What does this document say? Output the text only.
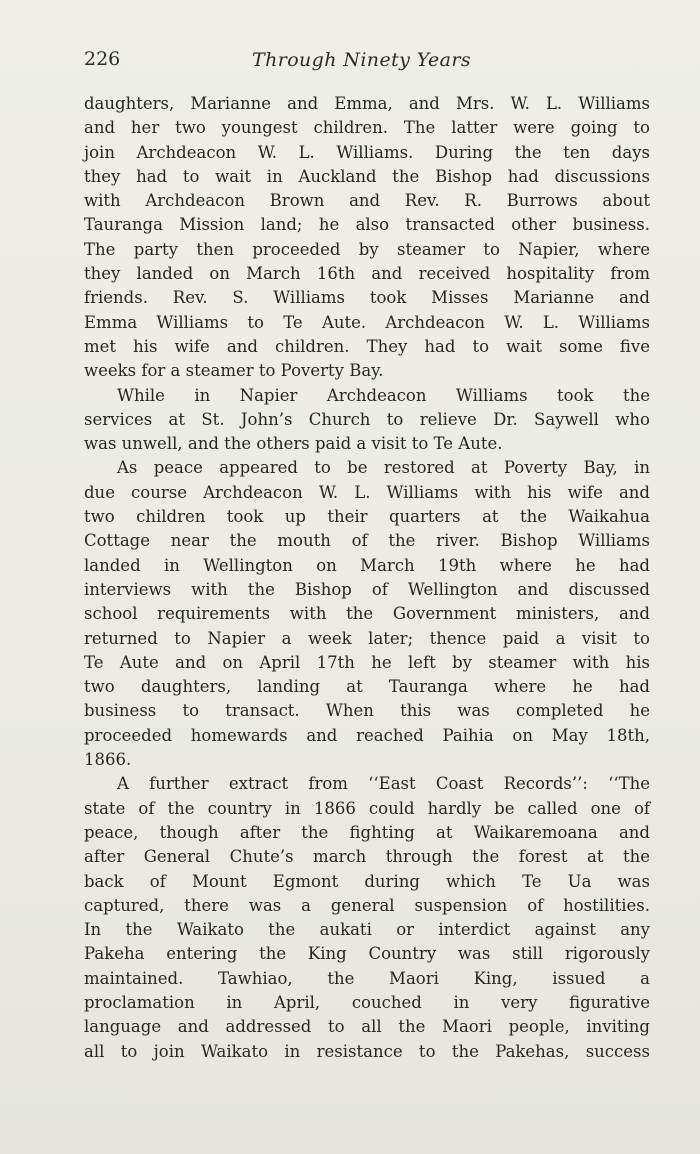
226	Through Ninety Years
daughters, Marianne and Emma, and Mrs. W. L. Williams
and her two youngest children. The latter were going to
join Archdeacon W. L. Williams. During the ten days
they had to wait in Auckland the Bishop had discussions
with Archdeacon Brown and Rev. R. Burrows about
Tauranga Mission land; he also transacted other business.
The party then proceeded by steamer to Napier, where
they landed on March 16th and received hospitality from
friends. Rev. S. Williams took Misses Marianne and
Emma Williams to Te Aute. Archdeacon W. L. Williams
met his wife and children. They had to wait some five
weeks for a steamer to Poverty Bay.
While in Napier Archdeacon Williams took the
services at St. John’s Church to relieve Dr. Saywell who
was unwell, and the others paid a visit to Te Aute.
As peace appeared to be restored at Poverty Bay, in
due course Archdeacon W. L. Williams with his wife and
two children took up their quarters at the Waikahua
Cottage near the mouth of the river. Bishop Williams
landed in Wellington on March 19th where he had
interviews with the Bishop of Wellington and discussed
school requirements with the Government ministers, and
returned to Napier a week later; thence paid a visit to
Te Aute and on April 17th he left by steamer with his
two daughters, landing at Tauranga where he had
business to transact. When this was completed he
proceeded homewards and reached Paihia on May 18th,
1866.
A further extract from ‘‘East Coast Records’’: ‘‘The
state of the country in 1866 could hardly be called one of
peace, though after the fighting at Waikaremoana and
after General Chute’s march through the forest at the
back of Mount Egmont during which Te Ua was
captured, there was a general suspension of hostilities.
In the Waikato the aukati or interdict against any
Pakeha entering the King Country was still rigorously
maintained. Tawhiao, the Maori King, issued a
proclamation in April, couched in very figurative
language and addressed to all the Maori people, inviting
all to join Waikato in resistance to the Pakehas, success
